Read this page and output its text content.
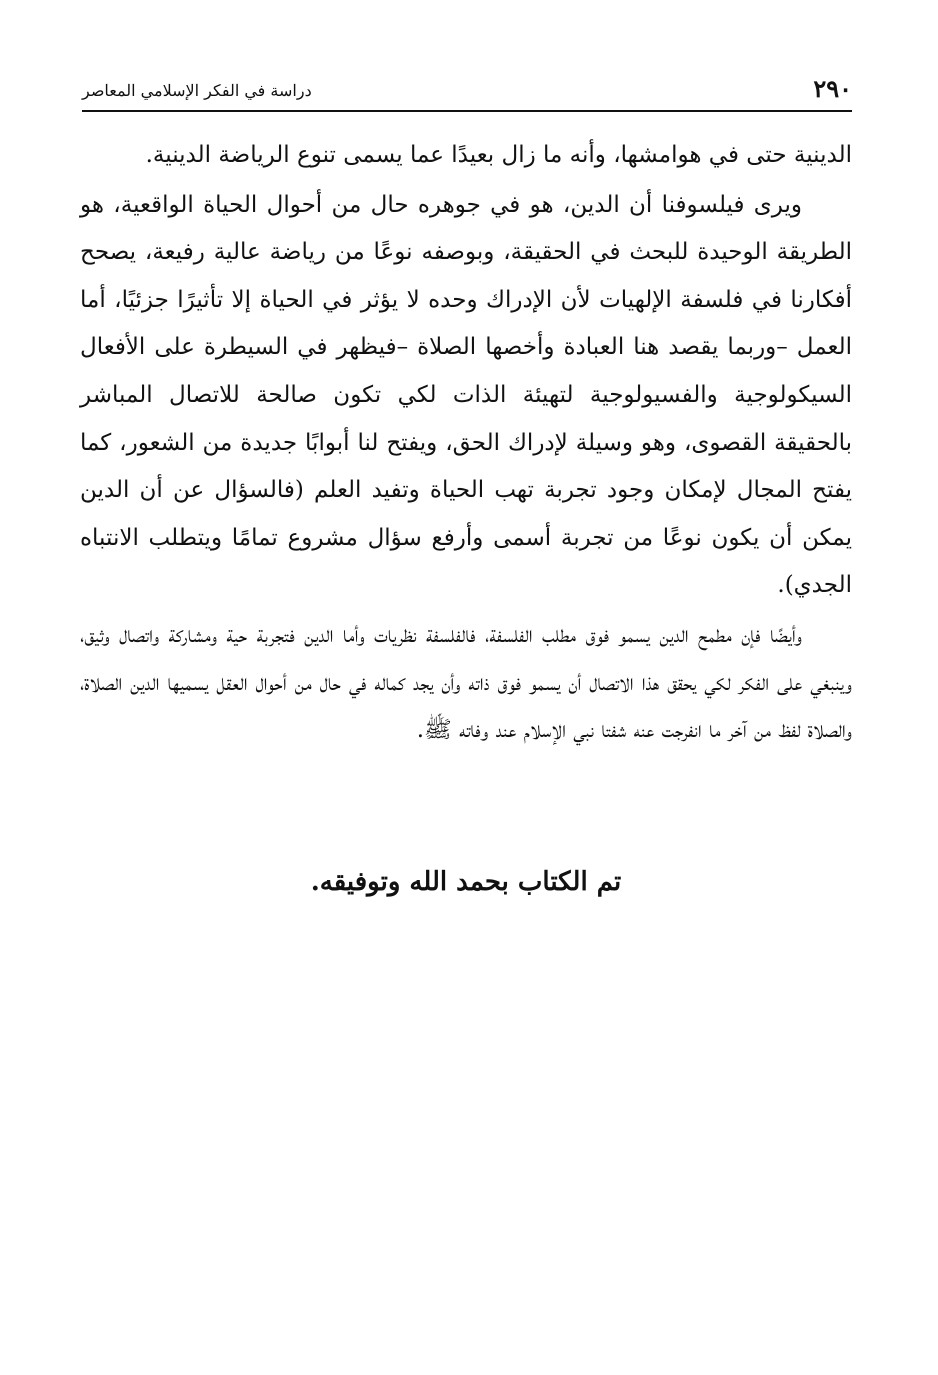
٢٩٠
دراسة في الفكر الإسلامي المعاصر

الدينية حتى في هوامشها، وأنه ما زال بعيدًا عما يسمى تنوع الرياضة الدينية.

ويرى فيلسوفنا أن الدين، هو في جوهره حال من أحوال الحياة الواقعية، هو الطريقة الوحيدة للبحث في الحقيقة، وبوصفه نوعًا من رياضة عالية رفيعة، يصحح أفكارنا في فلسفة الإلهيات لأن الإدراك وحده لا يؤثر في الحياة إلا تأثيرًا جزئيًا، أما العمل –وربما يقصد هنا العبادة وأخصها الصلاة –فيظهر في السيطرة على الأفعال السيكولوجية والفسيولوجية لتهيئة الذات لكي تكون صالحة للاتصال المباشر بالحقيقة القصوى، وهو وسيلة لإدراك الحق، ويفتح لنا أبوابًا جديدة من الشعور، كما يفتح المجال لإمكان وجود تجربة تهب الحياة وتفيد العلم (فالسؤال عن أن الدين يمكن أن يكون نوعًا من تجربة أسمى وأرفع سؤال مشروع تمامًا ويتطلب الانتباه الجدي).

وأيضًا فإن مطمح الدين يسمو فوق مطلب الفلسفة، فالفلسفة نظريات وأما الدين فتجربة حية ومشاركة واتصال وثيق، وينبغي على الفكر لكي يحقق هذا الاتصال أن يسمو فوق ذاته وأن يجد كماله في حال من أحوال العقل يسميها الدين الصلاة، والصلاة لفظ من آخر ما انفرجت عنه شفتا نبي الإسلام عند وفاته ﷺ.

تم الكتاب بحمد الله وتوفيقه.
